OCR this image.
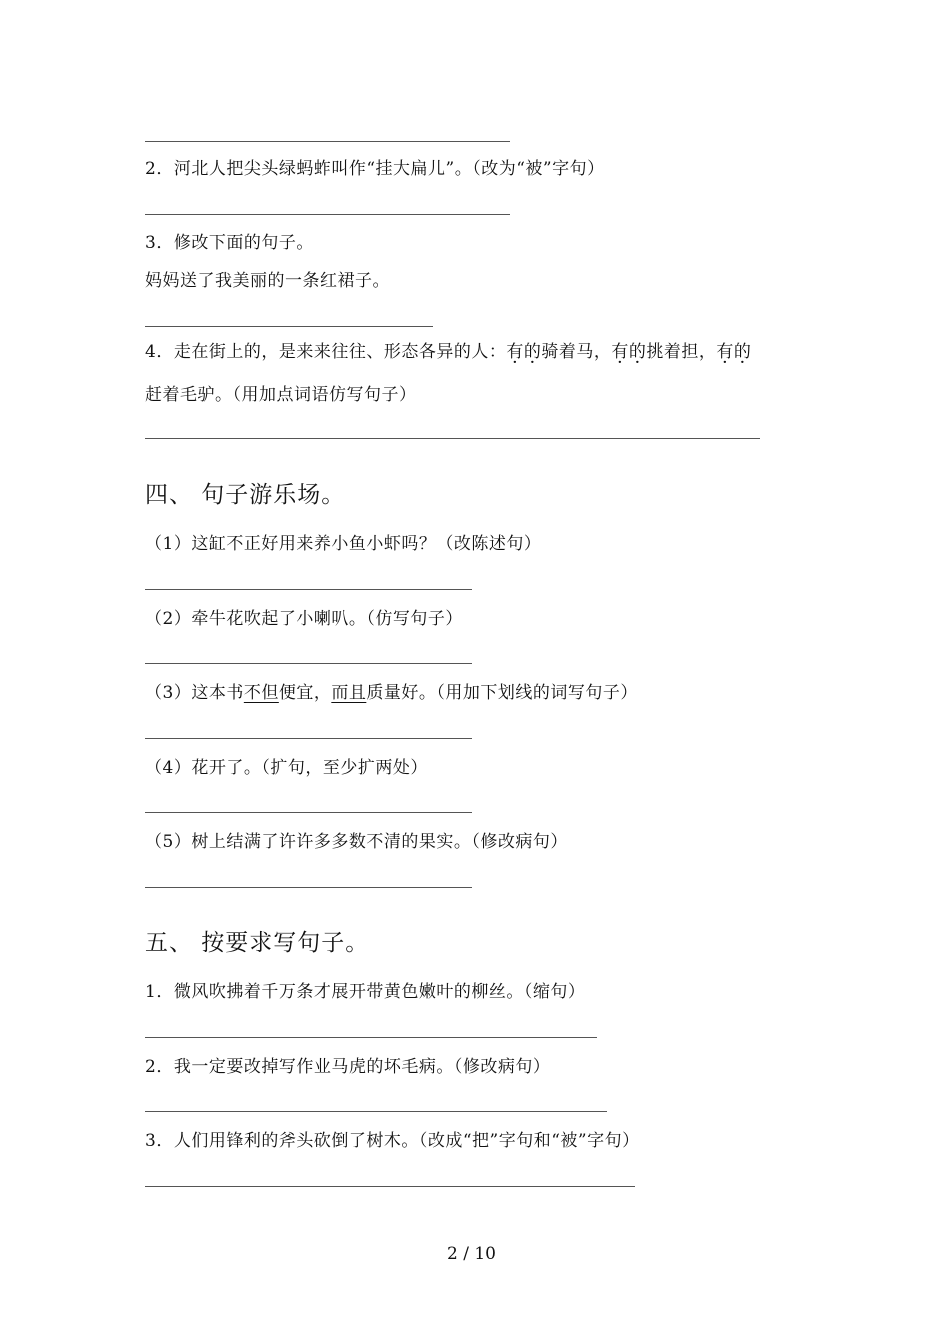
2．河北人把尖头绿蚂蚱叫作“挂大扁儿”。（改为“被”字句）
3．修改下面的句子。
妈妈送了我美丽的一条红裙子。
4．走在街上的，是来来往往、形态各异的人：有的骑着马，有的挑着担，有的
赶着毛驴。（用加点词语仿写句子）
四、 句子游乐场。
（1）这缸不正好用来养小鱼小虾吗？（改陈述句）
（2）牵牛花吹起了小喇叭。（仿写句子）
（3）这本书不但便宜，而且质量好。（用加下划线的词写句子）
（4）花开了。（扩句，至少扩两处）
（5）树上结满了许许多多数不清的果实。（修改病句）
五、 按要求写句子。
1．微风吹拂着千万条才展开带黄色嫩叶的柳丝。（缩句）
2．我一定要改掉写作业马虎的坏毛病。（修改病句）
3．人们用锋利的斧头砍倒了树木。（改成“把”字句和“被”字句）
2 / 10
